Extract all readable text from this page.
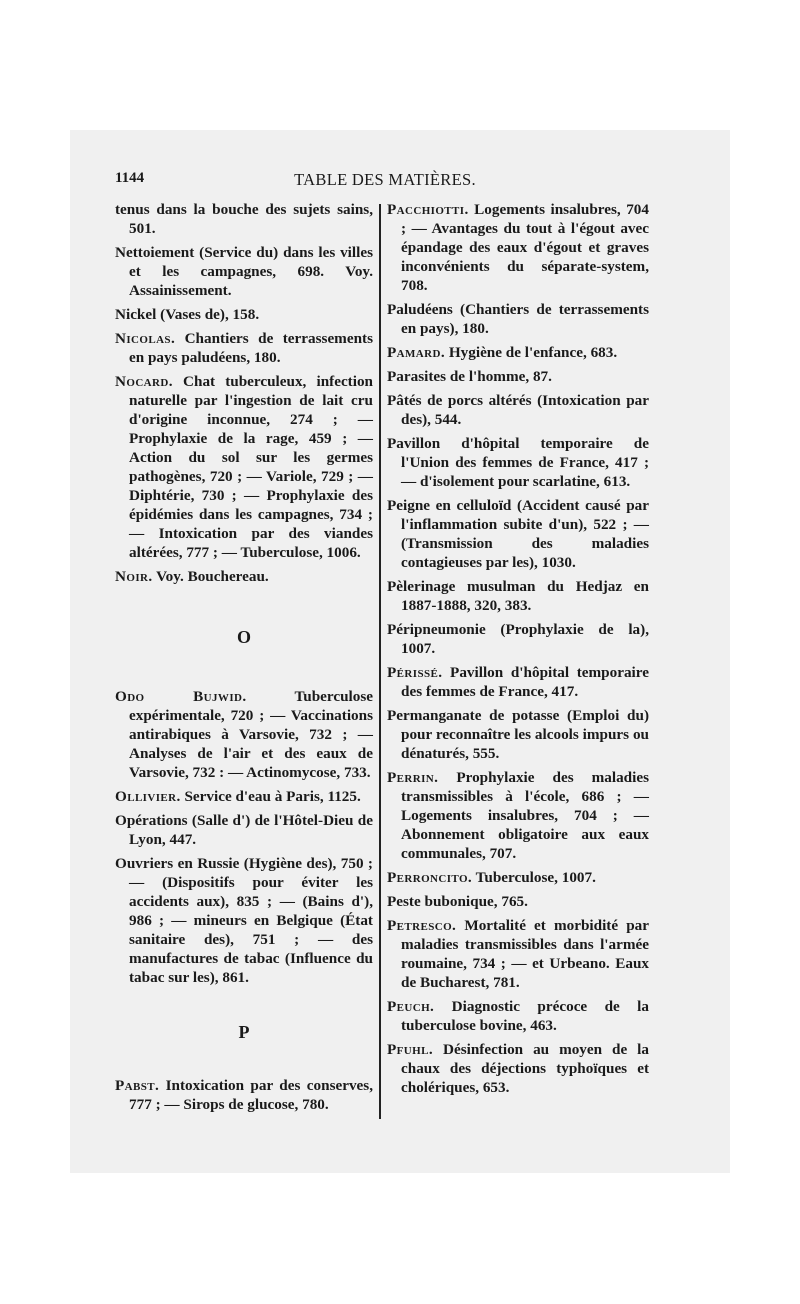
1144	TABLE DES MATIÈRES.

tenus dans la bouche des sujets sains, 501.

Nettoiement (Service du) dans les villes et les campagnes, 698. Voy. Assainissement.

Nickel (Vases de), 158.

Nicolas. Chantiers de terrassements en pays paludéens, 180.

Nocard. Chat tuberculeux, infection naturelle par l'ingestion de lait cru d'origine inconnue, 274 ; — Prophylaxie de la rage, 459 ; — Action du sol sur les germes pathogènes, 720 ; — Variole, 729 ; — Diphtérie, 730 ; — Prophylaxie des épidémies dans les campagnes, 734 ; — Intoxication par des viandes altérées, 777 ; — Tuberculose, 1006.

Noir. Voy. Bouchereau.

O

Odo Bujwid. Tuberculose expérimentale, 720 ; — Vaccinations antirabiques à Varsovie, 732 ; — Analyses de l'air et des eaux de Varsovie, 732 : — Actinomycose, 733.

Ollivier. Service d'eau à Paris, 1125.

Opérations (Salle d') de l'Hôtel-Dieu de Lyon, 447.

Ouvriers en Russie (Hygiène des), 750 ; — (Dispositifs pour éviter les accidents aux), 835 ; — (Bains d'), 986 ; — mineurs en Belgique (État sanitaire des), 751 ; — des manufactures de tabac (Influence du tabac sur les), 861.

P

Pabst. Intoxication par des conserves, 777 ; — Sirops de glucose, 780.

Pacchiotti. Logements insalubres, 704 ; — Avantages du tout à l'égout avec épandage des eaux d'égout et graves inconvénients du séparate-system, 708.

Paludéens (Chantiers de terrassements en pays), 180.

Pamard. Hygiène de l'enfance, 683.

Parasites de l'homme, 87.

Pâtés de porcs altérés (Intoxication par des), 544.

Pavillon d'hôpital temporaire de l'Union des femmes de France, 417 ; — d'isolement pour scarlatine, 613.

Peigne en celluloïd (Accident causé par l'inflammation subite d'un), 522 ; — (Transmission des maladies contagieuses par les), 1030.

Pèlerinage musulman du Hedjaz en 1887-1888, 320, 383.

Péripneumonie (Prophylaxie de la), 1007.

Périssé. Pavillon d'hôpital temporaire des femmes de France, 417.

Permanganate de potasse (Emploi du) pour reconnaître les alcools impurs ou dénaturés, 555.

Perrin. Prophylaxie des maladies transmissibles à l'école, 686 ; — Logements insalubres, 704 ; — Abonnement obligatoire aux eaux communales, 707.

Perroncito. Tuberculose, 1007.

Peste bubonique, 765.

Petresco. Mortalité et morbidité par maladies transmissibles dans l'armée roumaine, 734 ; — et Urbeano. Eaux de Bucharest, 781.

Peuch. Diagnostic précoce de la tuberculose bovine, 463.

Pfuhl. Désinfection au moyen de la chaux des déjections typhoïques et cholériques, 653.
